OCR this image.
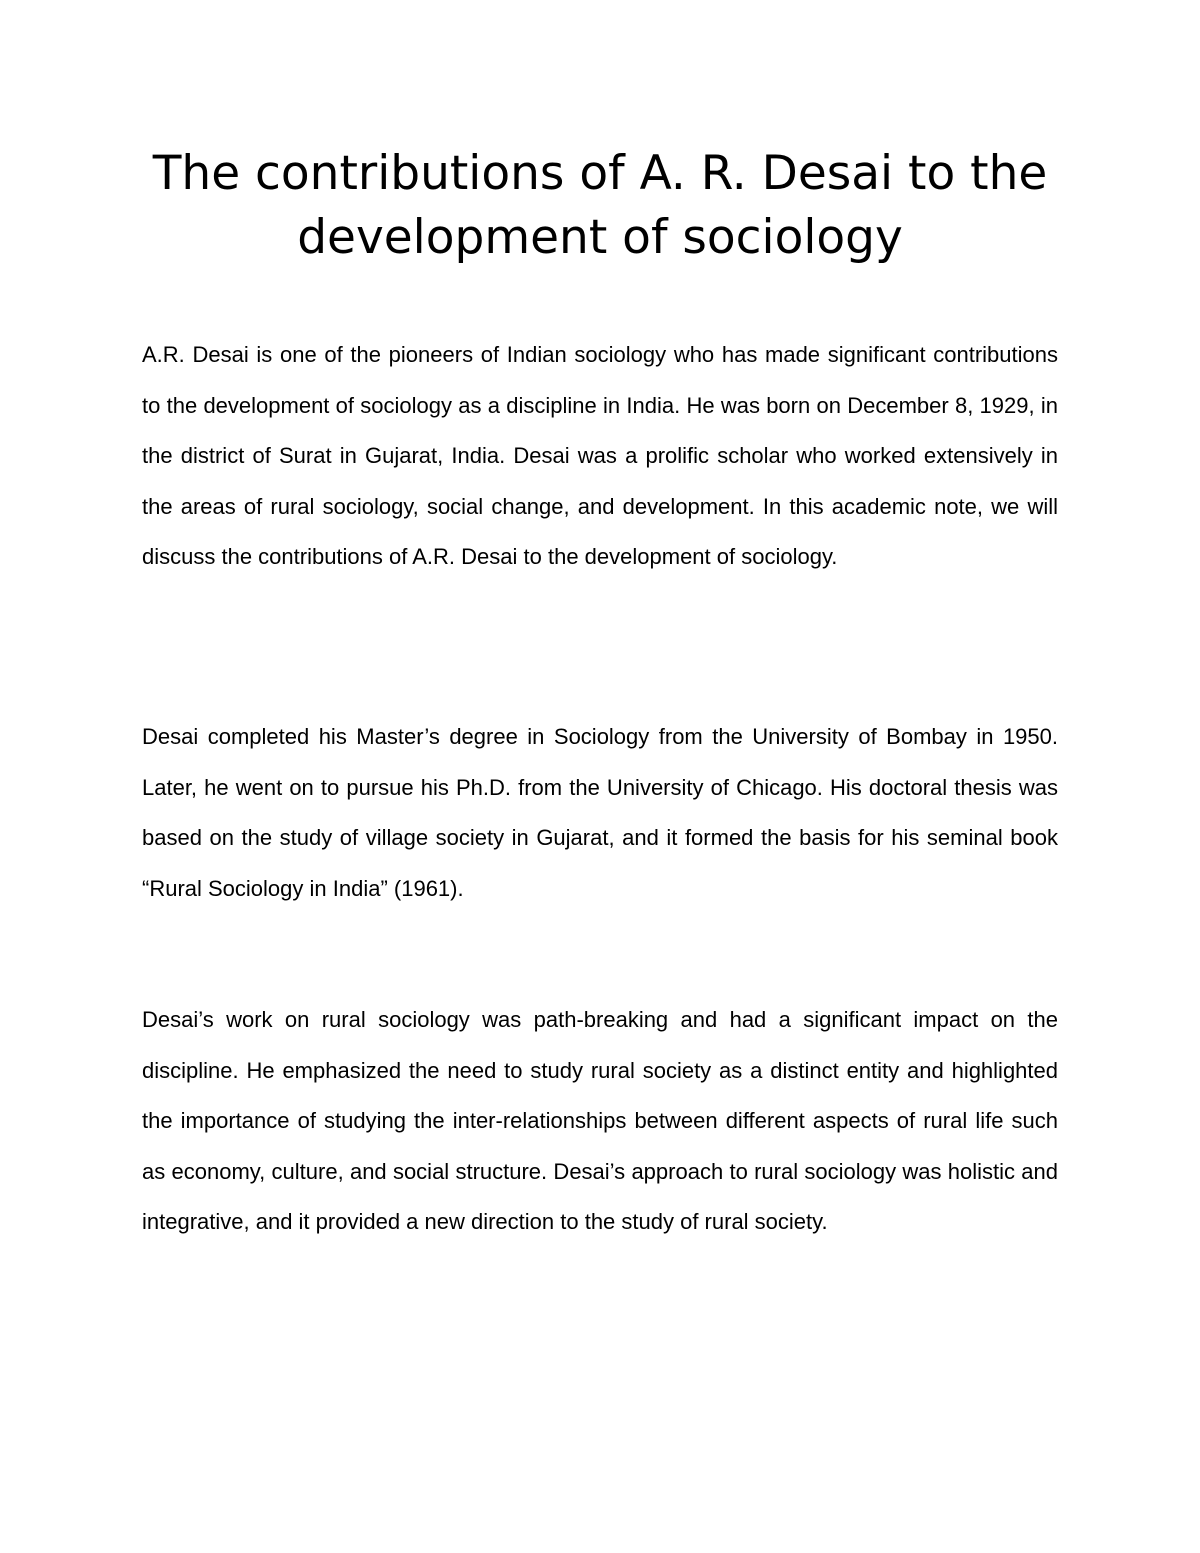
The contributions of A. R. Desai to the development of sociology

A.R. Desai is one of the pioneers of Indian sociology who has made significant contributions to the development of sociology as a discipline in India. He was born on December 8, 1929, in the district of Surat in Gujarat, India. Desai was a prolific scholar who worked extensively in the areas of rural sociology, social change, and development. In this academic note, we will discuss the contributions of A.R. Desai to the development of sociology.

Desai completed his Master’s degree in Sociology from the University of Bombay in 1950. Later, he went on to pursue his Ph.D. from the University of Chicago. His doctoral thesis was based on the study of village society in Gujarat, and it formed the basis for his seminal book “Rural Sociology in India” (1961).

Desai’s work on rural sociology was path-breaking and had a significant impact on the discipline. He emphasized the need to study rural society as a distinct entity and highlighted the importance of studying the inter-relationships between different aspects of rural life such as economy, culture, and social structure. Desai’s approach to rural sociology was holistic and integrative, and it provided a new direction to the study of rural society.
